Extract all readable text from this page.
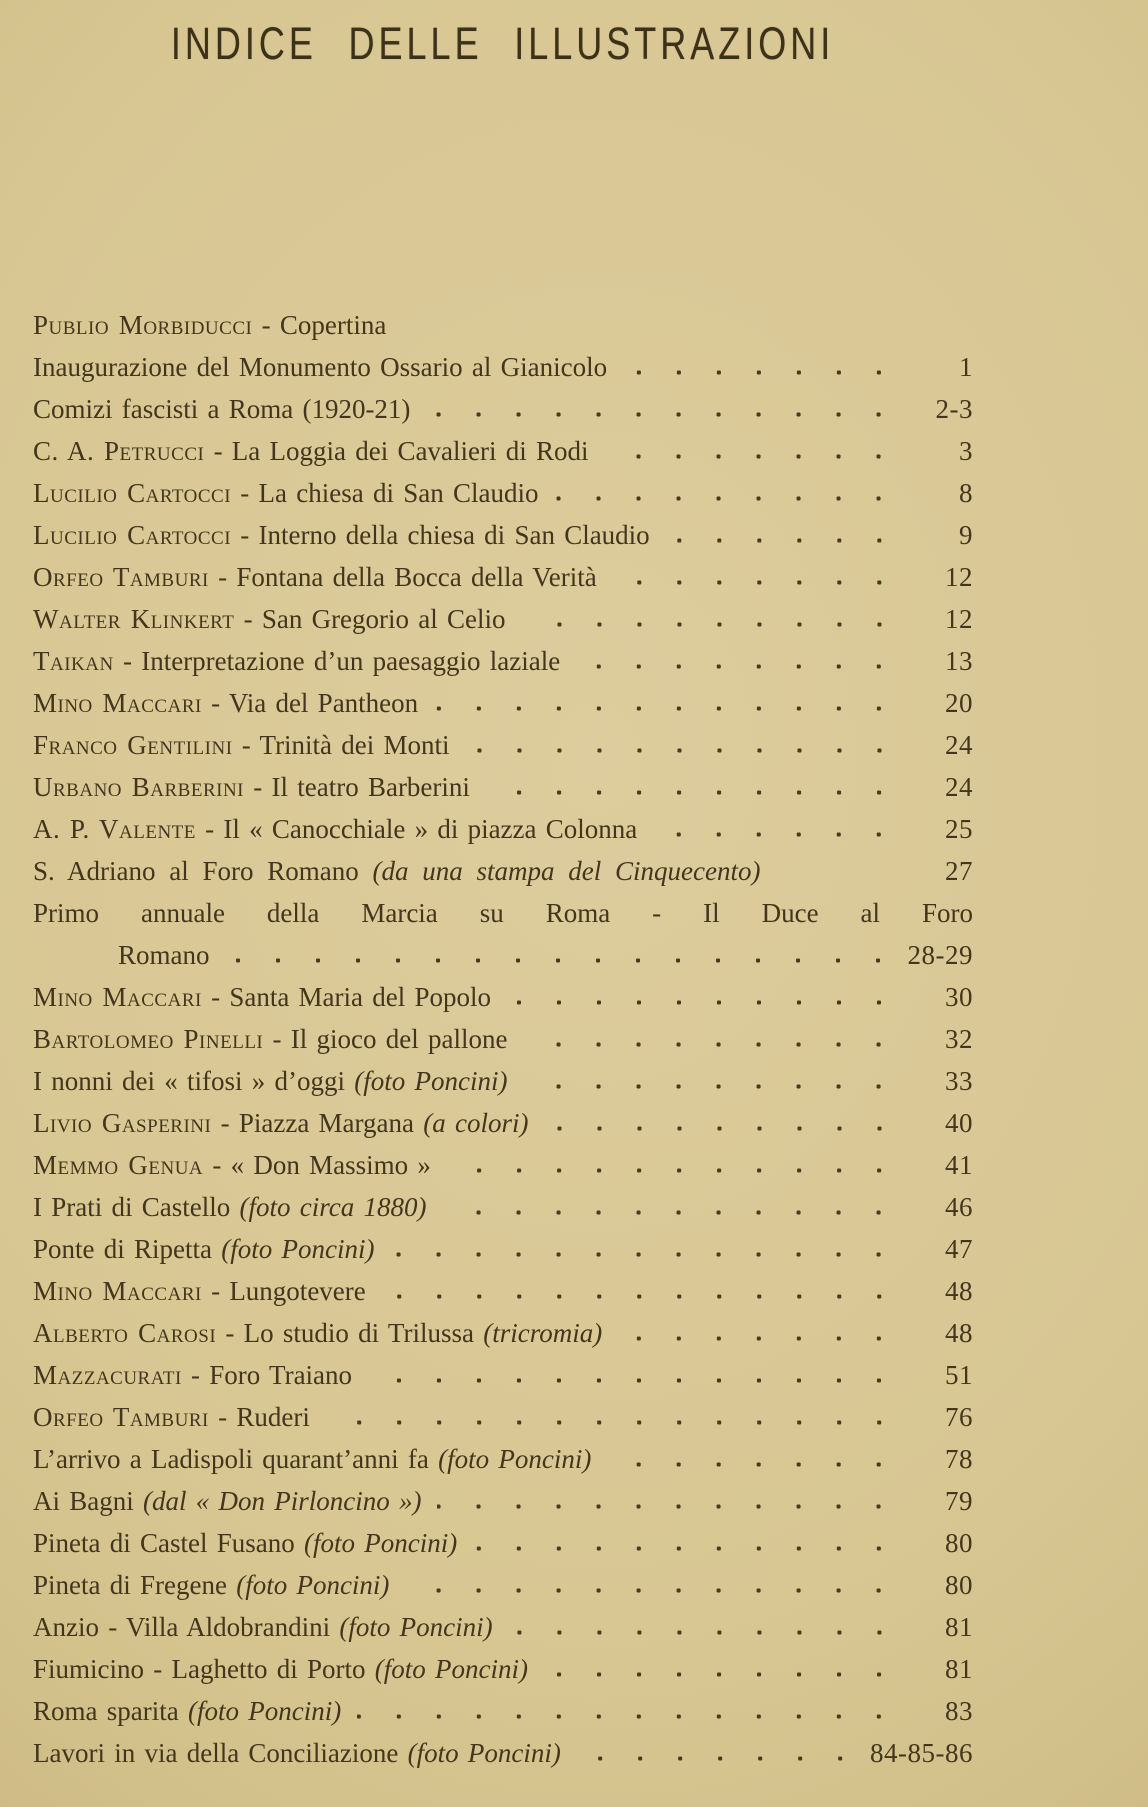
INDICE DELLE ILLUSTRAZIONI
Publio Morbiducci - Copertina
Inaugurazione del Monumento Ossario al Gianicolo	1
Comizi fascisti a Roma (1920-21)	2-3
C. A. Petrucci - La Loggia dei Cavalieri di Rodi	3
Lucilio Cartocci - La chiesa di San Claudio	8
Lucilio Cartocci - Interno della chiesa di San Claudio	9
Orfeo Tamburi - Fontana della Bocca della Verità	12
Walter Klinkert - San Gregorio al Celio	12
Taikan - Interpretazione d’un paesaggio laziale	13
Mino Maccari - Via del Pantheon	20
Franco Gentilini - Trinità dei Monti	24
Urbano Barberini - Il teatro Barberini	24
A. P. Valente - Il « Canocchiale » di piazza Colonna	25
S. Adriano al Foro Romano (da una stampa del Cinquecento)	27
Primo annuale della Marcia su Roma - Il Duce al Foro
Romano	28-29
Mino Maccari - Santa Maria del Popolo	30
Bartolomeo Pinelli - Il gioco del pallone	32
I nonni dei « tifosi » d’oggi (foto Poncini)	33
Livio Gasperini - Piazza Margana (a colori)	40
Memmo Genua - « Don Massimo »	41
I Prati di Castello (foto circa 1880)	46
Ponte di Ripetta (foto Poncini)	47
Mino Maccari - Lungotevere	48
Alberto Carosi - Lo studio di Trilussa (tricromia)	48
Mazzacurati - Foro Traiano	51
Orfeo Tamburi - Ruderi	76
L’arrivo a Ladispoli quarant’anni fa (foto Poncini)	78
Ai Bagni (dal « Don Pirloncino »)	79
Pineta di Castel Fusano (foto Poncini)	80
Pineta di Fregene (foto Poncini)	80
Anzio - Villa Aldobrandini (foto Poncini)	81
Fiumicino - Laghetto di Porto (foto Poncini)	81
Roma sparita (foto Poncini)	83
Lavori in via della Conciliazione (foto Poncini)	84-85-86
